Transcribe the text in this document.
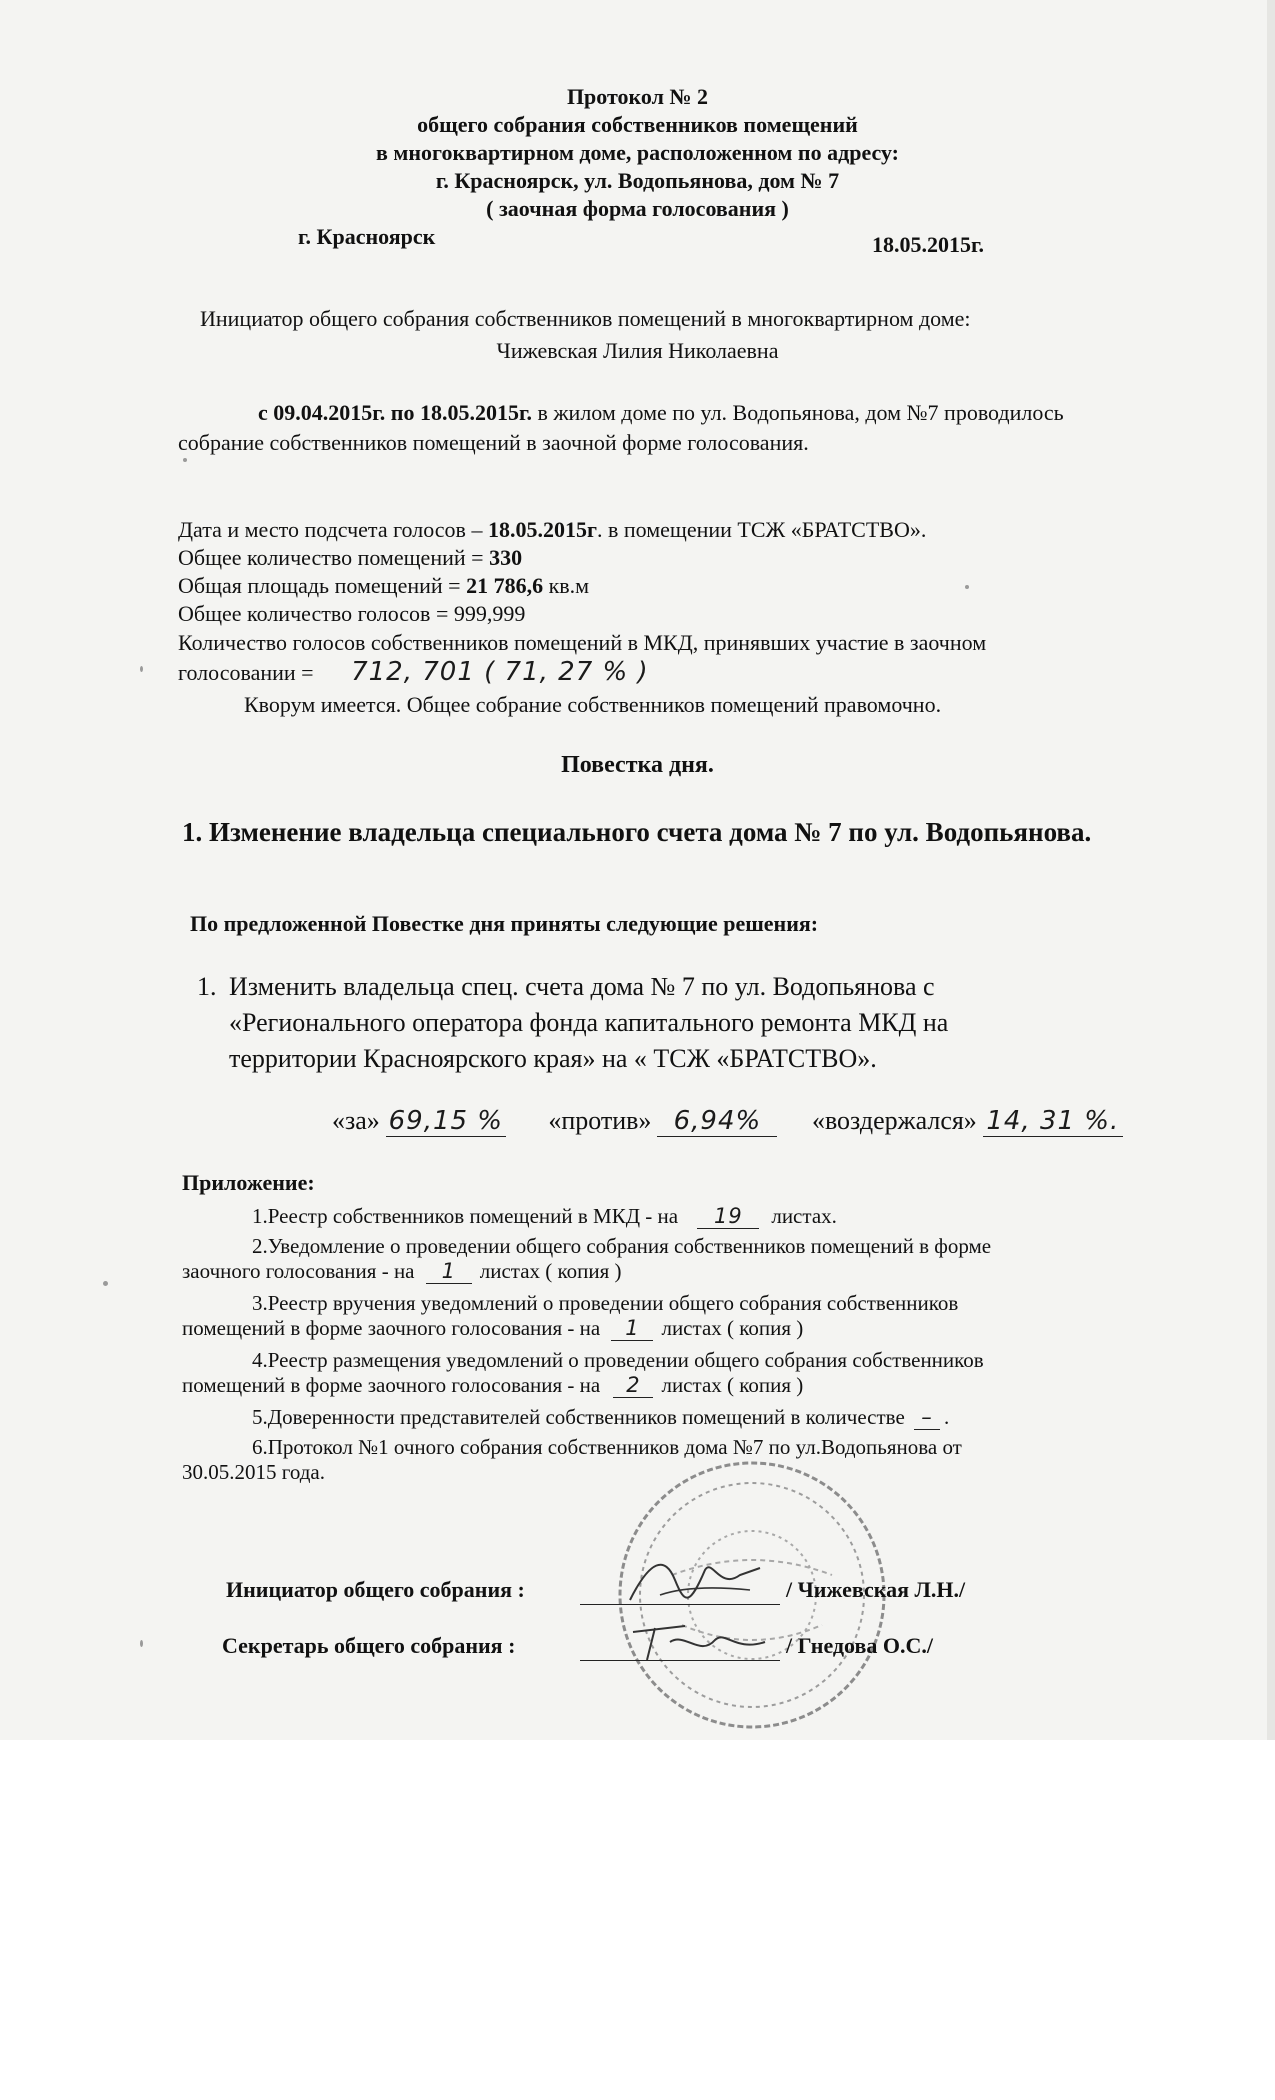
Протокол № 2
общего собрания собственников помещений
в многоквартирном доме, расположенном по адресу:
г. Красноярск, ул. Водопьянова, дом № 7
( заочная форма голосования )
г. Красноярск	18.05.2015г.
Инициатор общего собрания собственников помещений в многоквартирном доме:
Чижевская Лилия Николаевна
с 09.04.2015г. по 18.05.2015г. в жилом доме по ул. Водопьянова, дом №7 проводилось
собрание собственников помещений в заочной форме голосования.
Дата и место подсчета голосов – 18.05.2015г. в помещении ТСЖ «БРАТСТВО».
Общее количество помещений = 330
Общая площадь помещений = 21 786,6 кв.м
Общее количество голосов = 999,999
Количество голосов собственников помещений в МКД, принявших участие в заочном
голосовании = 712, 701 ( 71, 27 % )
Кворум имеется. Общее собрание собственников помещений правомочно.
Повестка дня.
1. Изменение владельца специального счета дома № 7 по ул. Водопьянова.
По предложенной Повестке дня приняты следующие решения:
1. Изменить владельца спец. счета дома № 7 по ул. Водопьянова с
«Регионального оператора фонда капитального ремонта МКД на
территории Красноярского края» на « ТСЖ «БРАТСТВО».
«за» 69,15 % «против» 6,94% «воздержался» 14, 31 %.
Приложение:
1.Реестр собственников помещений в МКД - на 19 листах.
2.Уведомление о проведении общего собрания собственников помещений в форме
заочного голосования - на 1 листах ( копия )
3.Реестр вручения уведомлений о проведении общего собрания собственников
помещений в форме заочного голосования - на 1 листах ( копия )
4.Реестр размещения уведомлений о проведении общего собрания собственников
помещений в форме заочного голосования - на 2 листах ( копия )
5.Доверенности представителей собственников помещений в количестве – .
6.Протокол №1 очного собрания собственников дома №7 по ул.Водопьянова от
30.05.2015 года.
Инициатор общего собрания :	/ Чижевская Л.Н./
Секретарь общего собрания :	/ Гнедова О.С./
